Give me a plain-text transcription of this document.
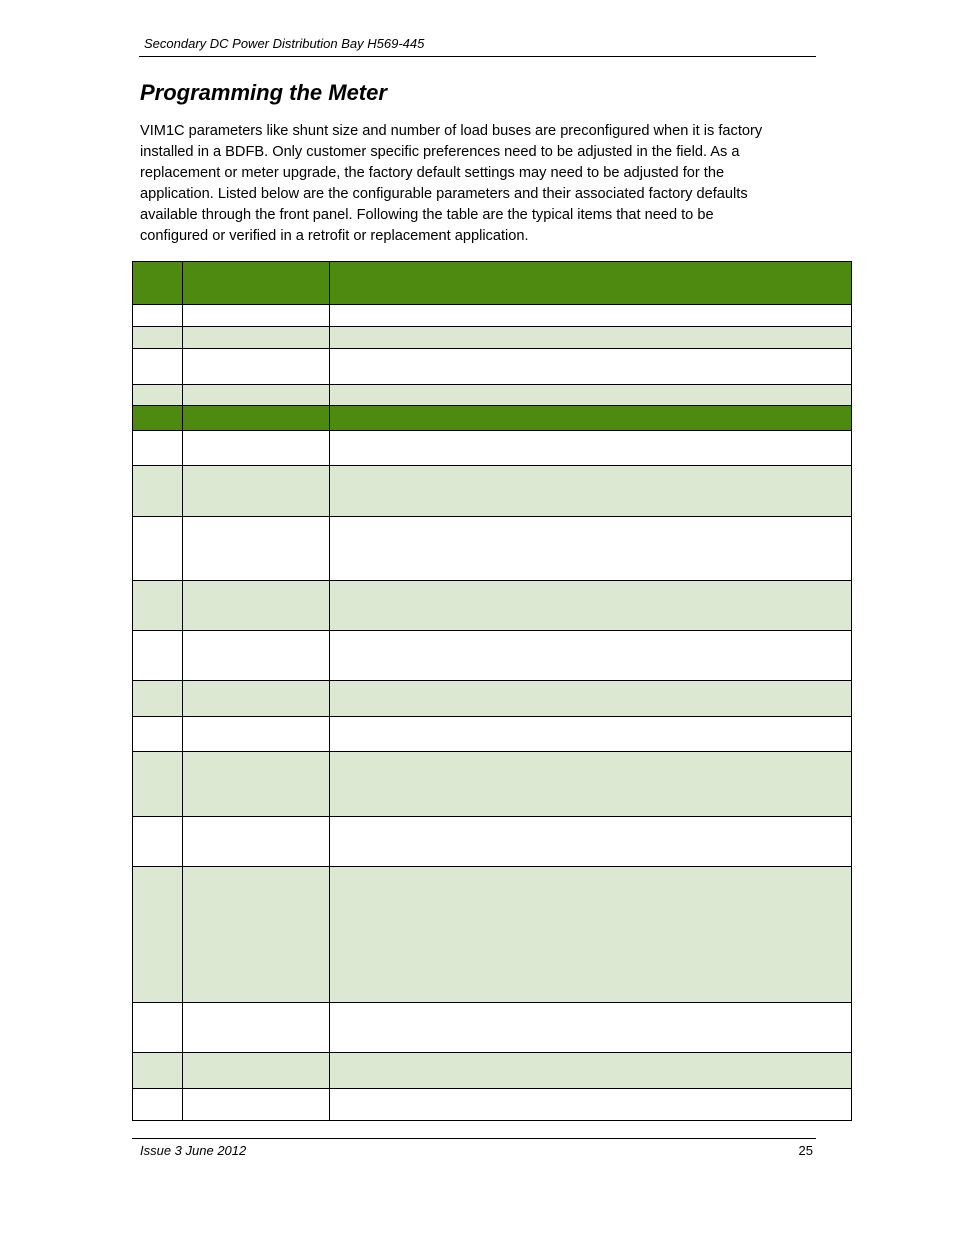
Secondary DC Power Distribution Bay H569-445
Programming the Meter

VIM1C parameters like shunt size and number of load buses are preconfigured when it is factory
installed in a BDFB. Only customer specific preferences need to be adjusted in the field. As a
replacement or meter upgrade, the factory default settings may need to be adjusted for the
application. Listed below are the configurable parameters and their associated factory defaults
available through the front panel. Following the table are the typical items that need to be
configured or verified in a retrofit or replacement application.

Issue 3 June 2012	25
